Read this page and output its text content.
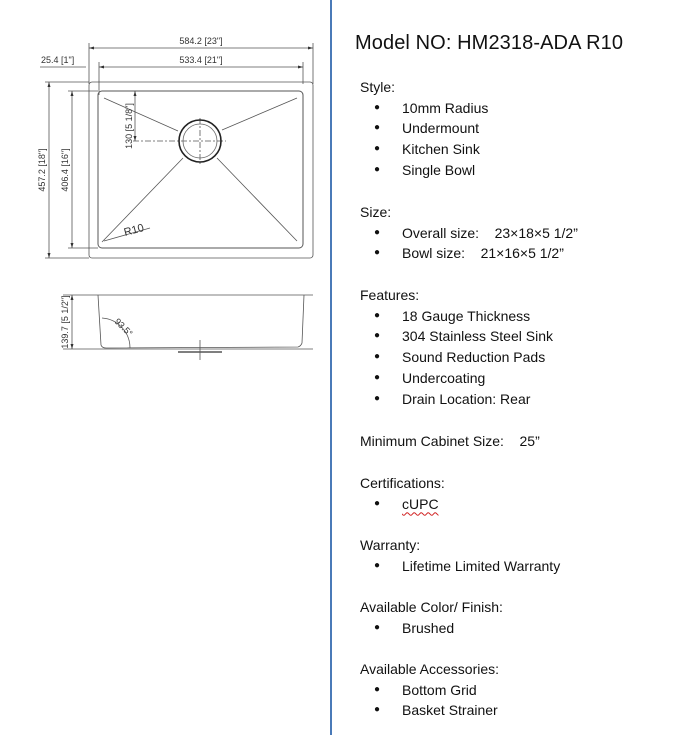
584.2 [23"]
533.4 [21"]
25.4 [1"]
457.2 [18"] 406.4 [16"]
130 [5 1/8"]
R10
139.7 [5 1/2"]	93.5°
Model NO: HM2318-ADA R10
Style:
● 10mm Radius
● Undermount
● Kitchen Sink
● Single Bowl
Size:
● Overall size:    23×18×5 1/2”
● Bowl size:    21×16×5 1/2”
Features:
● 18 Gauge Thickness
● 304 Stainless Steel Sink
● Sound Reduction Pads
● Undercoating
● Drain Location: Rear
Minimum Cabinet Size:    25”
Certifications:
● cUPC
Warranty:
● Lifetime Limited Warranty
Available Color/ Finish:
● Brushed
Available Accessories:
● Bottom Grid
● Basket Strainer
